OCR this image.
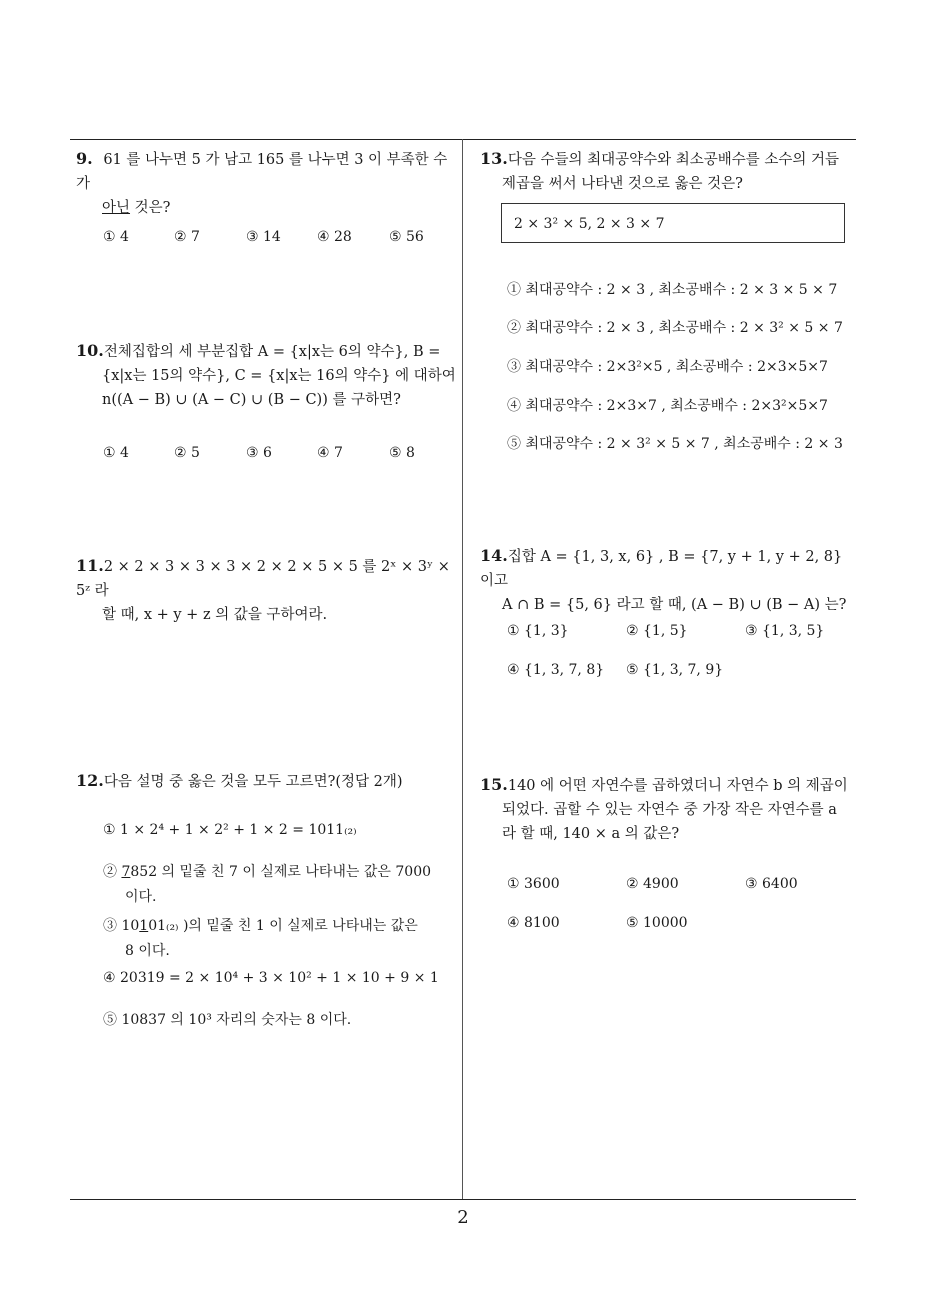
9. 61 를 나누면 5 가 남고 165 를 나누면 3 이 부족한 수가
아닌 것은?
① 4	② 7	③ 14	④ 28	⑤ 56
10.전체집합의 세 부분집합 A = {x|x는 6의 약수}, B =
{x|x는 15의 약수}, C = {x|x는 16의 약수} 에 대하여
n((A − B) ∪ (A − C) ∪ (B − C)) 를 구하면?
① 4	② 5	③ 6	④ 7	⑤ 8
11.2 × 2 × 3 × 3 × 3 × 2 × 2 × 5 × 5 를 2ˣ × 3ʸ × 5ᶻ 라
할 때, x + y + z 의 값을 구하여라.
12.다음 설명 중 옳은 것을 모두 고르면?(정답 2개)
① 1 × 2⁴ + 1 × 2² + 1 × 2 = 1011₍₂₎
② 7852 의 밑줄 친 7 이 실제로 나타내는 값은 7000
이다.
③ 10101₍₂₎ )의 밑줄 친 1 이 실제로 나타내는 값은
8 이다.
④ 20319 = 2 × 10⁴ + 3 × 10² + 1 × 10 + 9 × 1
⑤ 10837 의 10³ 자리의 숫자는 8 이다.
13.다음 수들의 최대공약수와 최소공배수를 소수의 거듭
제곱을 써서 나타낸 것으로 옳은 것은?
2 × 3² × 5, 2 × 3 × 7
① 최대공약수 : 2 × 3 , 최소공배수 : 2 × 3 × 5 × 7
② 최대공약수 : 2 × 3 , 최소공배수 : 2 × 3² × 5 × 7
③ 최대공약수 : 2×3²×5 , 최소공배수 : 2×3×5×7
④ 최대공약수 : 2×3×7 , 최소공배수 : 2×3²×5×7
⑤ 최대공약수 : 2 × 3² × 5 × 7 , 최소공배수 : 2 × 3
14.집합 A = {1, 3, x, 6} , B = {7, y + 1, y + 2, 8} 이고
A ∩ B = {5, 6} 라고 할 때, (A − B) ∪ (B − A) 는?
① {1, 3}	② {1, 5}	③ {1, 3, 5}
④ {1, 3, 7, 8} ⑤ {1, 3, 7, 9}
15.140 에 어떤 자연수를 곱하였더니 자연수 b 의 제곱이
되었다. 곱할 수 있는 자연수 중 가장 작은 자연수를 a
라 할 때, 140 × a 의 값은?
① 3600	② 4900	③ 6400
④ 8100	⑤ 10000
2
